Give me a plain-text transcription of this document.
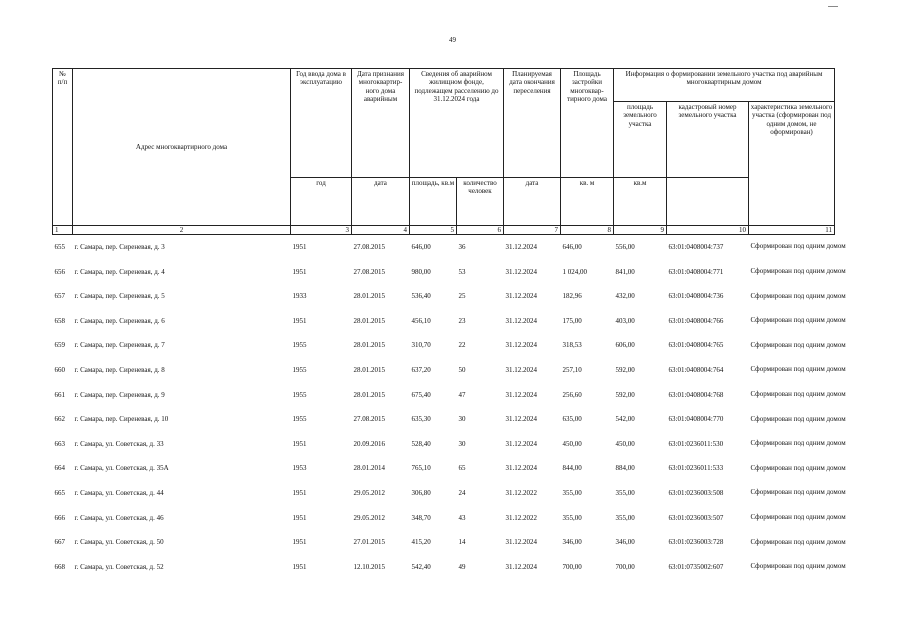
49
№
п/п	Адрес многоквартирного дома	Год ввода дома в эксплуатацию	Дата признания многоквартир-ного дома аварийным	Сведения об аварийном жилищном фонде, подлежащем расселению до 31.12.2024 года		Планируемая дата окончания переселения	Площадь застройки многоквар-тирного дома	Информация о формировании земельного участка под аварийным многоквартирным домом		
								площадь земельного участка	кадастровый номер земельного участка	характеристика земельного участка (сформирован под одним домом, не оформирован)
		год	дата	площадь, кв.м	количество человек	дата	кв. м	кв.м		
1	2	3	4	5	6	7	8	9	10	11
655	г. Самара, пер. Сиреневая, д. 3	1951	27.08.2015	646,00	36	31.12.2024	646,00	556,00	63:01:0408004:737	Сформирован под одним домом
656	г. Самара, пер. Сиреневая, д. 4	1951	27.08.2015	980,00	53	31.12.2024	1 024,00	841,00	63:01:0408004:771	Сформирован под одним домом
657	г. Самара, пер. Сиреневая, д. 5	1933	28.01.2015	536,40	25	31.12.2024	182,96	432,00	63:01:0408004:736	Сформирован под одним домом
658	г. Самара, пер. Сиреневая, д. 6	1951	28.01.2015	456,10	23	31.12.2024	175,00	403,00	63:01:0408004:766	Сформирован под одним домом
659	г. Самара, пер. Сиреневая, д. 7	1955	28.01.2015	310,70	22	31.12.2024	318,53	606,00	63:01:0408004:765	Сформирован под одним домом
660	г. Самара, пер. Сиреневая, д. 8	1955	28.01.2015	637,20	50	31.12.2024	257,10	592,00	63:01:0408004:764	Сформирован под одним домом
661	г. Самара, пер. Сиреневая, д. 9	1955	28.01.2015	675,40	47	31.12.2024	256,60	592,00	63:01:0408004:768	Сформирован под одним домом
662	г. Самара, пер. Сиреневая, д. 10	1955	27.08.2015	635,30	30	31.12.2024	635,00	542,00	63:01:0408004:770	Сформирован под одним домом
663	г. Самара, ул. Советская, д. 33	1951	20.09.2016	528,40	30	31.12.2024	450,00	450,00	63:01:0236011:530	Сформирован под одним домом
664	г. Самара, ул. Советская, д. 35А	1953	28.01.2014	765,10	65	31.12.2024	844,00	884,00	63:01:0236011:533	Сформирован под одним домом
665	г. Самара, ул. Советская, д. 44	1951	29.05.2012	306,80	24	31.12.2022	355,00	355,00	63:01:0236003:508	Сформирован под одним домом
666	г. Самара, ул. Советская, д. 46	1951	29.05.2012	348,70	43	31.12.2022	355,00	355,00	63:01:0236003:507	Сформирован под одним домом
667	г. Самара, ул. Советская, д. 50	1951	27.01.2015	415,20	14	31.12.2024	346,00	346,00	63:01:0236003:728	Сформирован под одним домом
668	г. Самара, ул. Советская, д. 52	1951	12.10.2015	542,40	49	31.12.2024	700,00	700,00	63:01:0735002:607	Сформирован под одним домом
